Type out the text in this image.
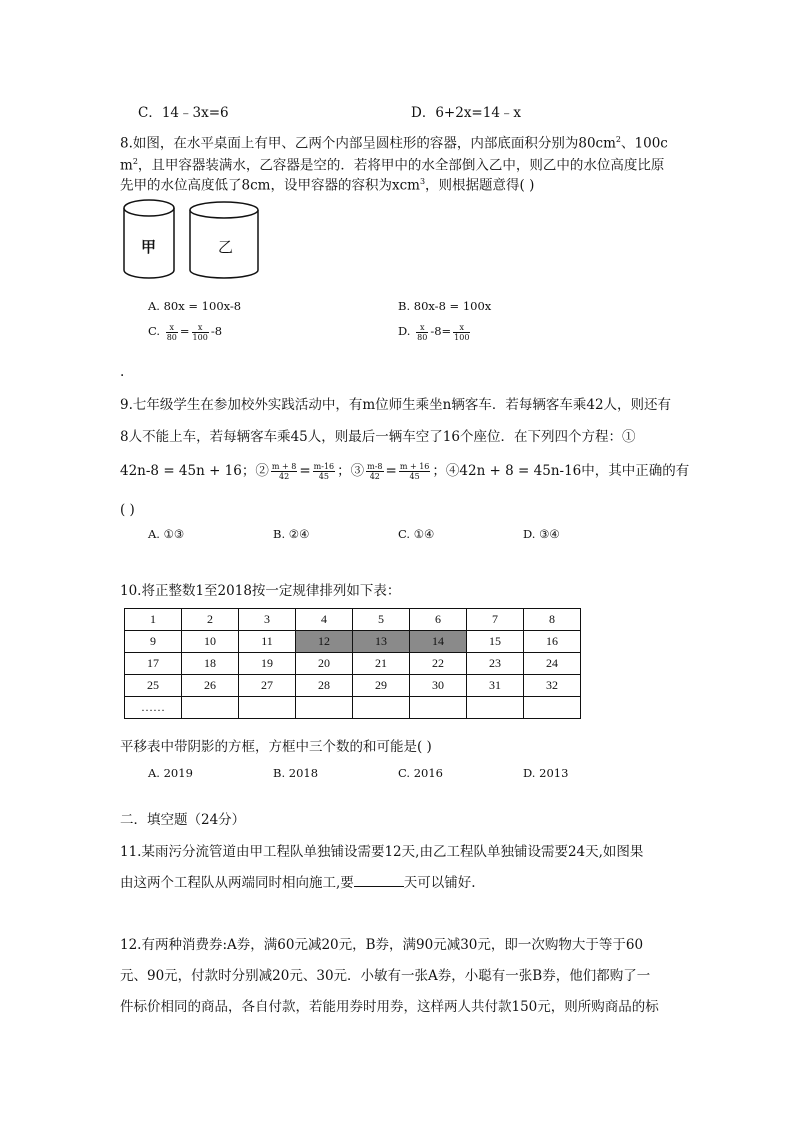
C．14﹣3x=6	D．6+2x=14﹣x
8.如图，在水平桌面上有甲、乙两个内部呈圆柱形的容器，内部底面积分别为$80cm^2$、100c
$m^2$，且甲容器装满水，乙容器是空的．若将甲中的水全部倒入乙中，则乙中的水位高度比原
先甲的水位高度低了8cm，设甲容器的容积为xcm$^3$，则根据题意得( )
甲	乙
A. 80x = 100x-8	B. 80x-8 = 100x
C. $\frac{x}{80} = \frac{x}{100} -8$	D. $\frac{x}{80} -8= \frac{x}{100}$
.
9.七年级学生在参加校外实践活动中，有m位师生乘坐n辆客车．若每辆客车乘42人，则还有
8人不能上车，若每辆客车乘45人，则最后一辆车空了16个座位．在下列四个方程：①
42n-8 = 45n + 16；② $\frac{m + 8}{42} = \frac{m-16}{45}$ ；③ $\frac{m-8}{42} = \frac{m + 16}{45}$ ；④42n + 8 = 45n-16中，其中正确的有
( )
A. ①③	B. ②④	C. ①④	D. ③④
10.将正整数1至2018按一定规律排列如下表：
1	2	3	4	5	6	7	8
9	10	11	12	13	14	15	16
17	18	19	20	21	22	23	24
25	26	27	28	29	30	31	32
……							
平移表中带阴影的方框，方框中三个数的和可能是( )
A. 2019	B. 2018	C. 2016	D. 2013
二．填空题（24分）
11.某雨污分流管道由甲工程队单独铺设需要12天,由乙工程队单独铺设需要24天,如图果
由这两个工程队从两端同时相向施工,要	天可以铺好.
12.有两种消费券:A券，满60元减20元，B券，满90元减30元，即一次购物大于等于60
元、90元，付款时分别减20元、30元．小敏有一张A券，小聪有一张B券，他们都购了一
件标价相同的商品，各自付款，若能用券时用券，这样两人共付款150元，则所购商品的标
